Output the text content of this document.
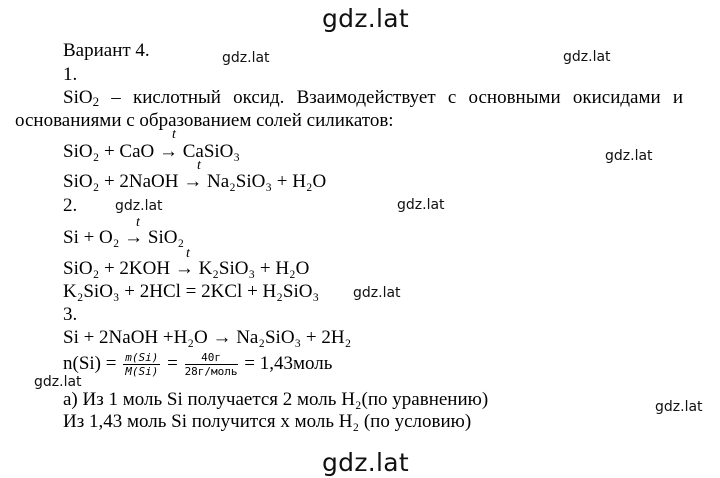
gdz.lat
gdz.lat	gdz.lat
gdz.lat
gdz.lat	gdz.lat
gdz.lat
gdz.lat
gdz.lat
gdz.lat
Вариант 4.
1.
SiO$_2$ – кислотный оксид. Взаимодействует с основными окисидами и
основаниями с образованием солей силикатов:
SiO₂ + CaO → CaSiO₃
t
SiO₂ + 2NaOH → Na₂SiO₃ + H₂O
t
2.
Si + O₂ → SiO₂
t
SiO₂ + 2KOH → K₂SiO₃ + H₂O
t
K₂SiO₃ + 2HCl = 2KCl + H₂SiO₃
3.
Si + 2NaOH +H₂O → Na₂SiO₃ + 2H₂
$n(Si) = \frac{m(Si)}{M(Si)} = \frac{40г}{\text{28г/моль}}$ = 1,43моль
а) Из 1 моль Si получается 2 моль H₂(по уравнению)
Из 1,43 моль Si получится x моль H₂ (по условию)
